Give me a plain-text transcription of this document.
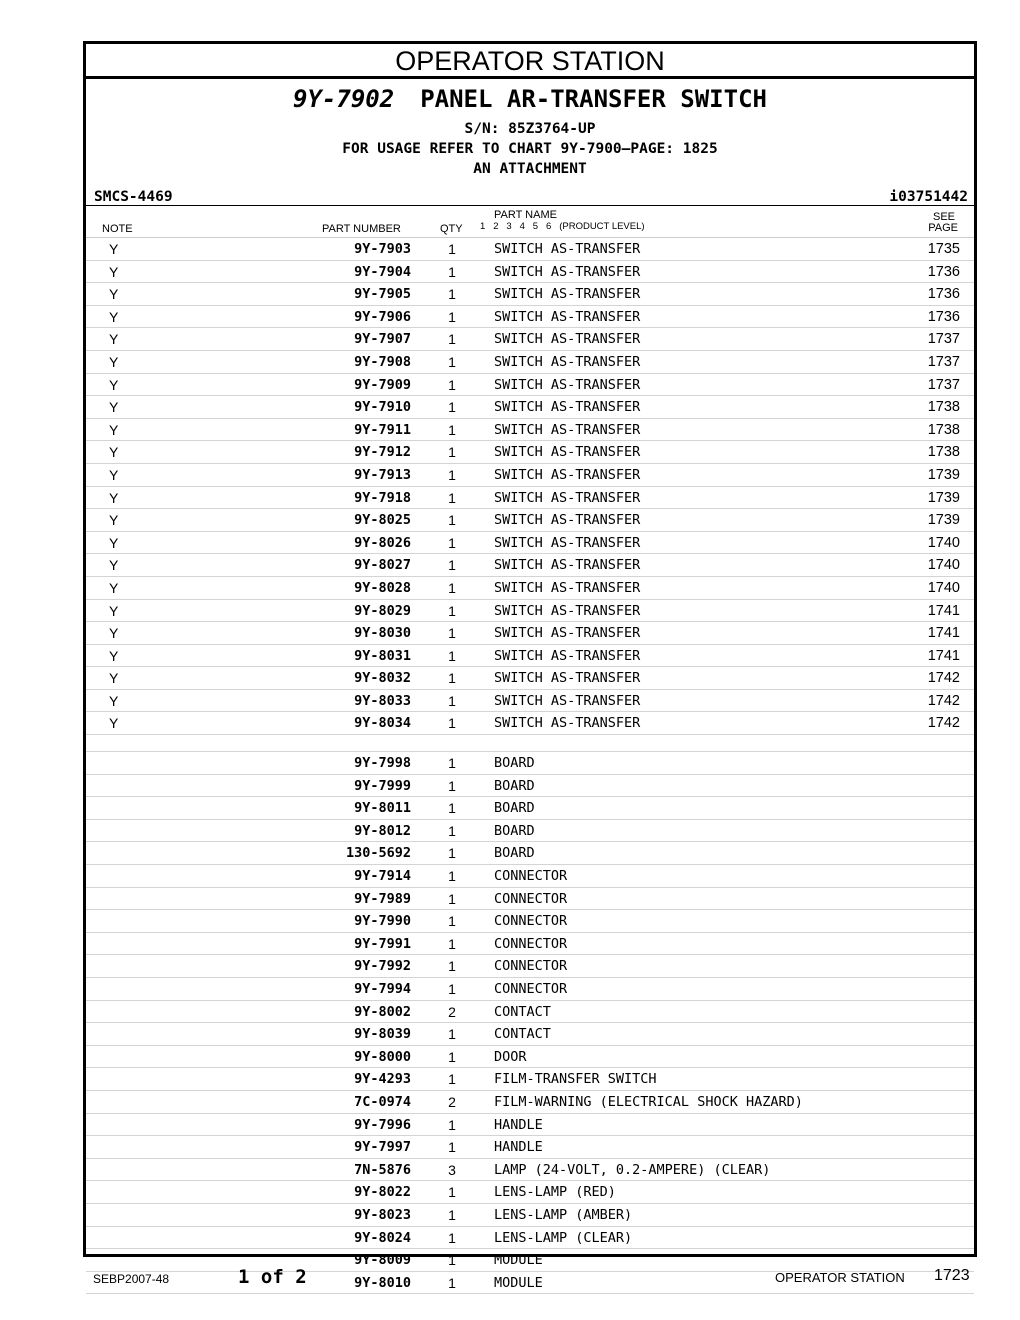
OPERATOR STATION
9Y-7902 PANEL AR-TRANSFER SWITCH
S/N: 85Z3764-UP
FOR USAGE REFER TO CHART 9Y-7900—PAGE: 1825
AN ATTACHMENT
SMCS-4469	i03751442
NOTE	PART NUMBER	QTY
PART NAME
1   2   3   4   5   6   (PRODUCT LEVEL)
SEE
PAGE
Y	9Y-7903	1	SWITCH AS-TRANSFER	1735
Y	9Y-7904	1	SWITCH AS-TRANSFER	1736
Y	9Y-7905	1	SWITCH AS-TRANSFER	1736
Y	9Y-7906	1	SWITCH AS-TRANSFER	1736
Y	9Y-7907	1	SWITCH AS-TRANSFER	1737
Y	9Y-7908	1	SWITCH AS-TRANSFER	1737
Y	9Y-7909	1	SWITCH AS-TRANSFER	1737
Y	9Y-7910	1	SWITCH AS-TRANSFER	1738
Y	9Y-7911	1	SWITCH AS-TRANSFER	1738
Y	9Y-7912	1	SWITCH AS-TRANSFER	1738
Y	9Y-7913	1	SWITCH AS-TRANSFER	1739
Y	9Y-7918	1	SWITCH AS-TRANSFER	1739
Y	9Y-8025	1	SWITCH AS-TRANSFER	1739
Y	9Y-8026	1	SWITCH AS-TRANSFER	1740
Y	9Y-8027	1	SWITCH AS-TRANSFER	1740
Y	9Y-8028	1	SWITCH AS-TRANSFER	1740
Y	9Y-8029	1	SWITCH AS-TRANSFER	1741
Y	9Y-8030	1	SWITCH AS-TRANSFER	1741
Y	9Y-8031	1	SWITCH AS-TRANSFER	1741
Y	9Y-8032	1	SWITCH AS-TRANSFER	1742
Y	9Y-8033	1	SWITCH AS-TRANSFER	1742
Y	9Y-8034	1	SWITCH AS-TRANSFER	1742
9Y-7998	1	BOARD
9Y-7999	1	BOARD
9Y-8011	1	BOARD
9Y-8012	1	BOARD
130-5692	1	BOARD
9Y-7914	1	CONNECTOR
9Y-7989	1	CONNECTOR
9Y-7990	1	CONNECTOR
9Y-7991	1	CONNECTOR
9Y-7992	1	CONNECTOR
9Y-7994	1	CONNECTOR
9Y-8002	2	CONTACT
9Y-8039	1	CONTACT
9Y-8000	1	DOOR
9Y-4293	1	FILM-TRANSFER SWITCH
7C-0974	2	FILM-WARNING (ELECTRICAL SHOCK HAZARD)
9Y-7996	1	HANDLE
9Y-7997	1	HANDLE
7N-5876	3	LAMP (24-VOLT, 0.2-AMPERE) (CLEAR)
9Y-8022	1	LENS-LAMP (RED)
9Y-8023	1	LENS-LAMP (AMBER)
9Y-8024	1	LENS-LAMP (CLEAR)
9Y-8009	1	MODULE
9Y-8010	1	MODULE
SEBP2007-48	1 of 2	OPERATOR STATION 1723
